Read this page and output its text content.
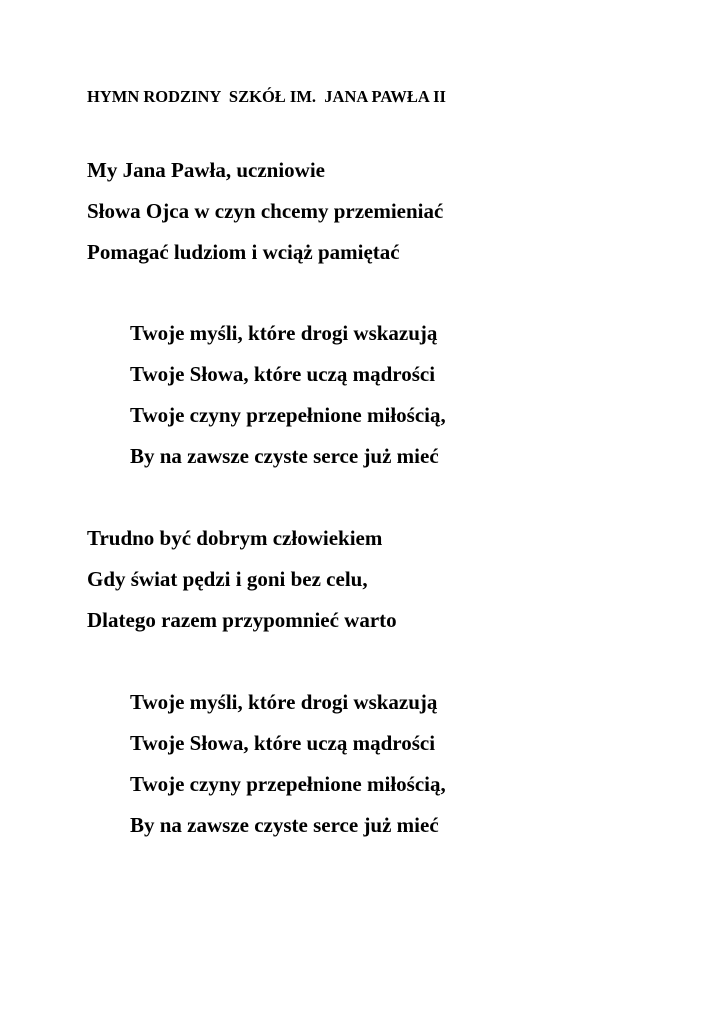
HYMN RODZINY  SZKÓŁ IM.  JANA PAWŁA II
My Jana Pawła, uczniowie
Słowa Ojca w czyn chcemy przemieniać
Pomagać ludziom i wciąż pamiętać
Twoje myśli, które drogi wskazują
Twoje Słowa, które uczą mądrości
Twoje czyny przepełnione miłością,
By na zawsze czyste serce już mieć
Trudno być dobrym człowiekiem
Gdy świat pędzi i goni bez celu,
Dlatego razem przypomnieć warto
Twoje myśli, które drogi wskazują
Twoje Słowa, które uczą mądrości
Twoje czyny przepełnione miłością,
By na zawsze czyste serce już mieć
